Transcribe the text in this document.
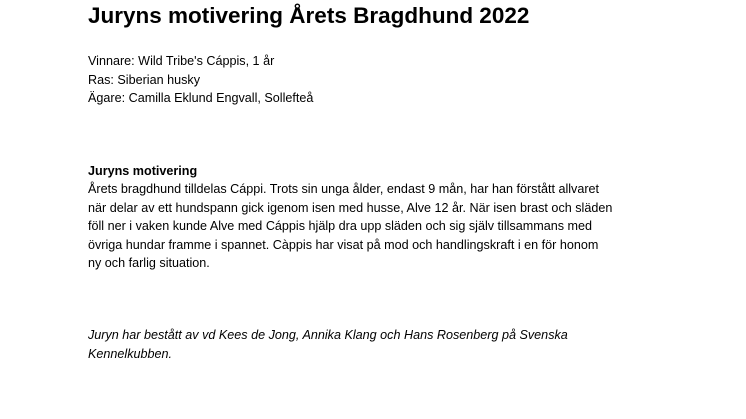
Juryns motivering Årets Bragdhund 2022
Vinnare: Wild Tribe's Cáppis, 1 år
Ras: Siberian husky
Ägare: Camilla Eklund Engvall, Sollefteå
Juryns motivering
Årets bragdhund tilldelas Cáppi. Trots sin unga ålder, endast 9 mån, har han förstått allvaret
när delar av ett hundspann gick igenom isen med husse, Alve 12 år. När isen brast och släden
föll ner i vaken kunde Alve med Cáppis hjälp dra upp släden och sig själv tillsammans med
övriga hundar framme i spannet. Càppis har visat på mod och handlingskraft i en för honom
ny och farlig situation.
Juryn har bestått av vd Kees de Jong, Annika Klang och Hans Rosenberg på Svenska
Kennelkubben.
